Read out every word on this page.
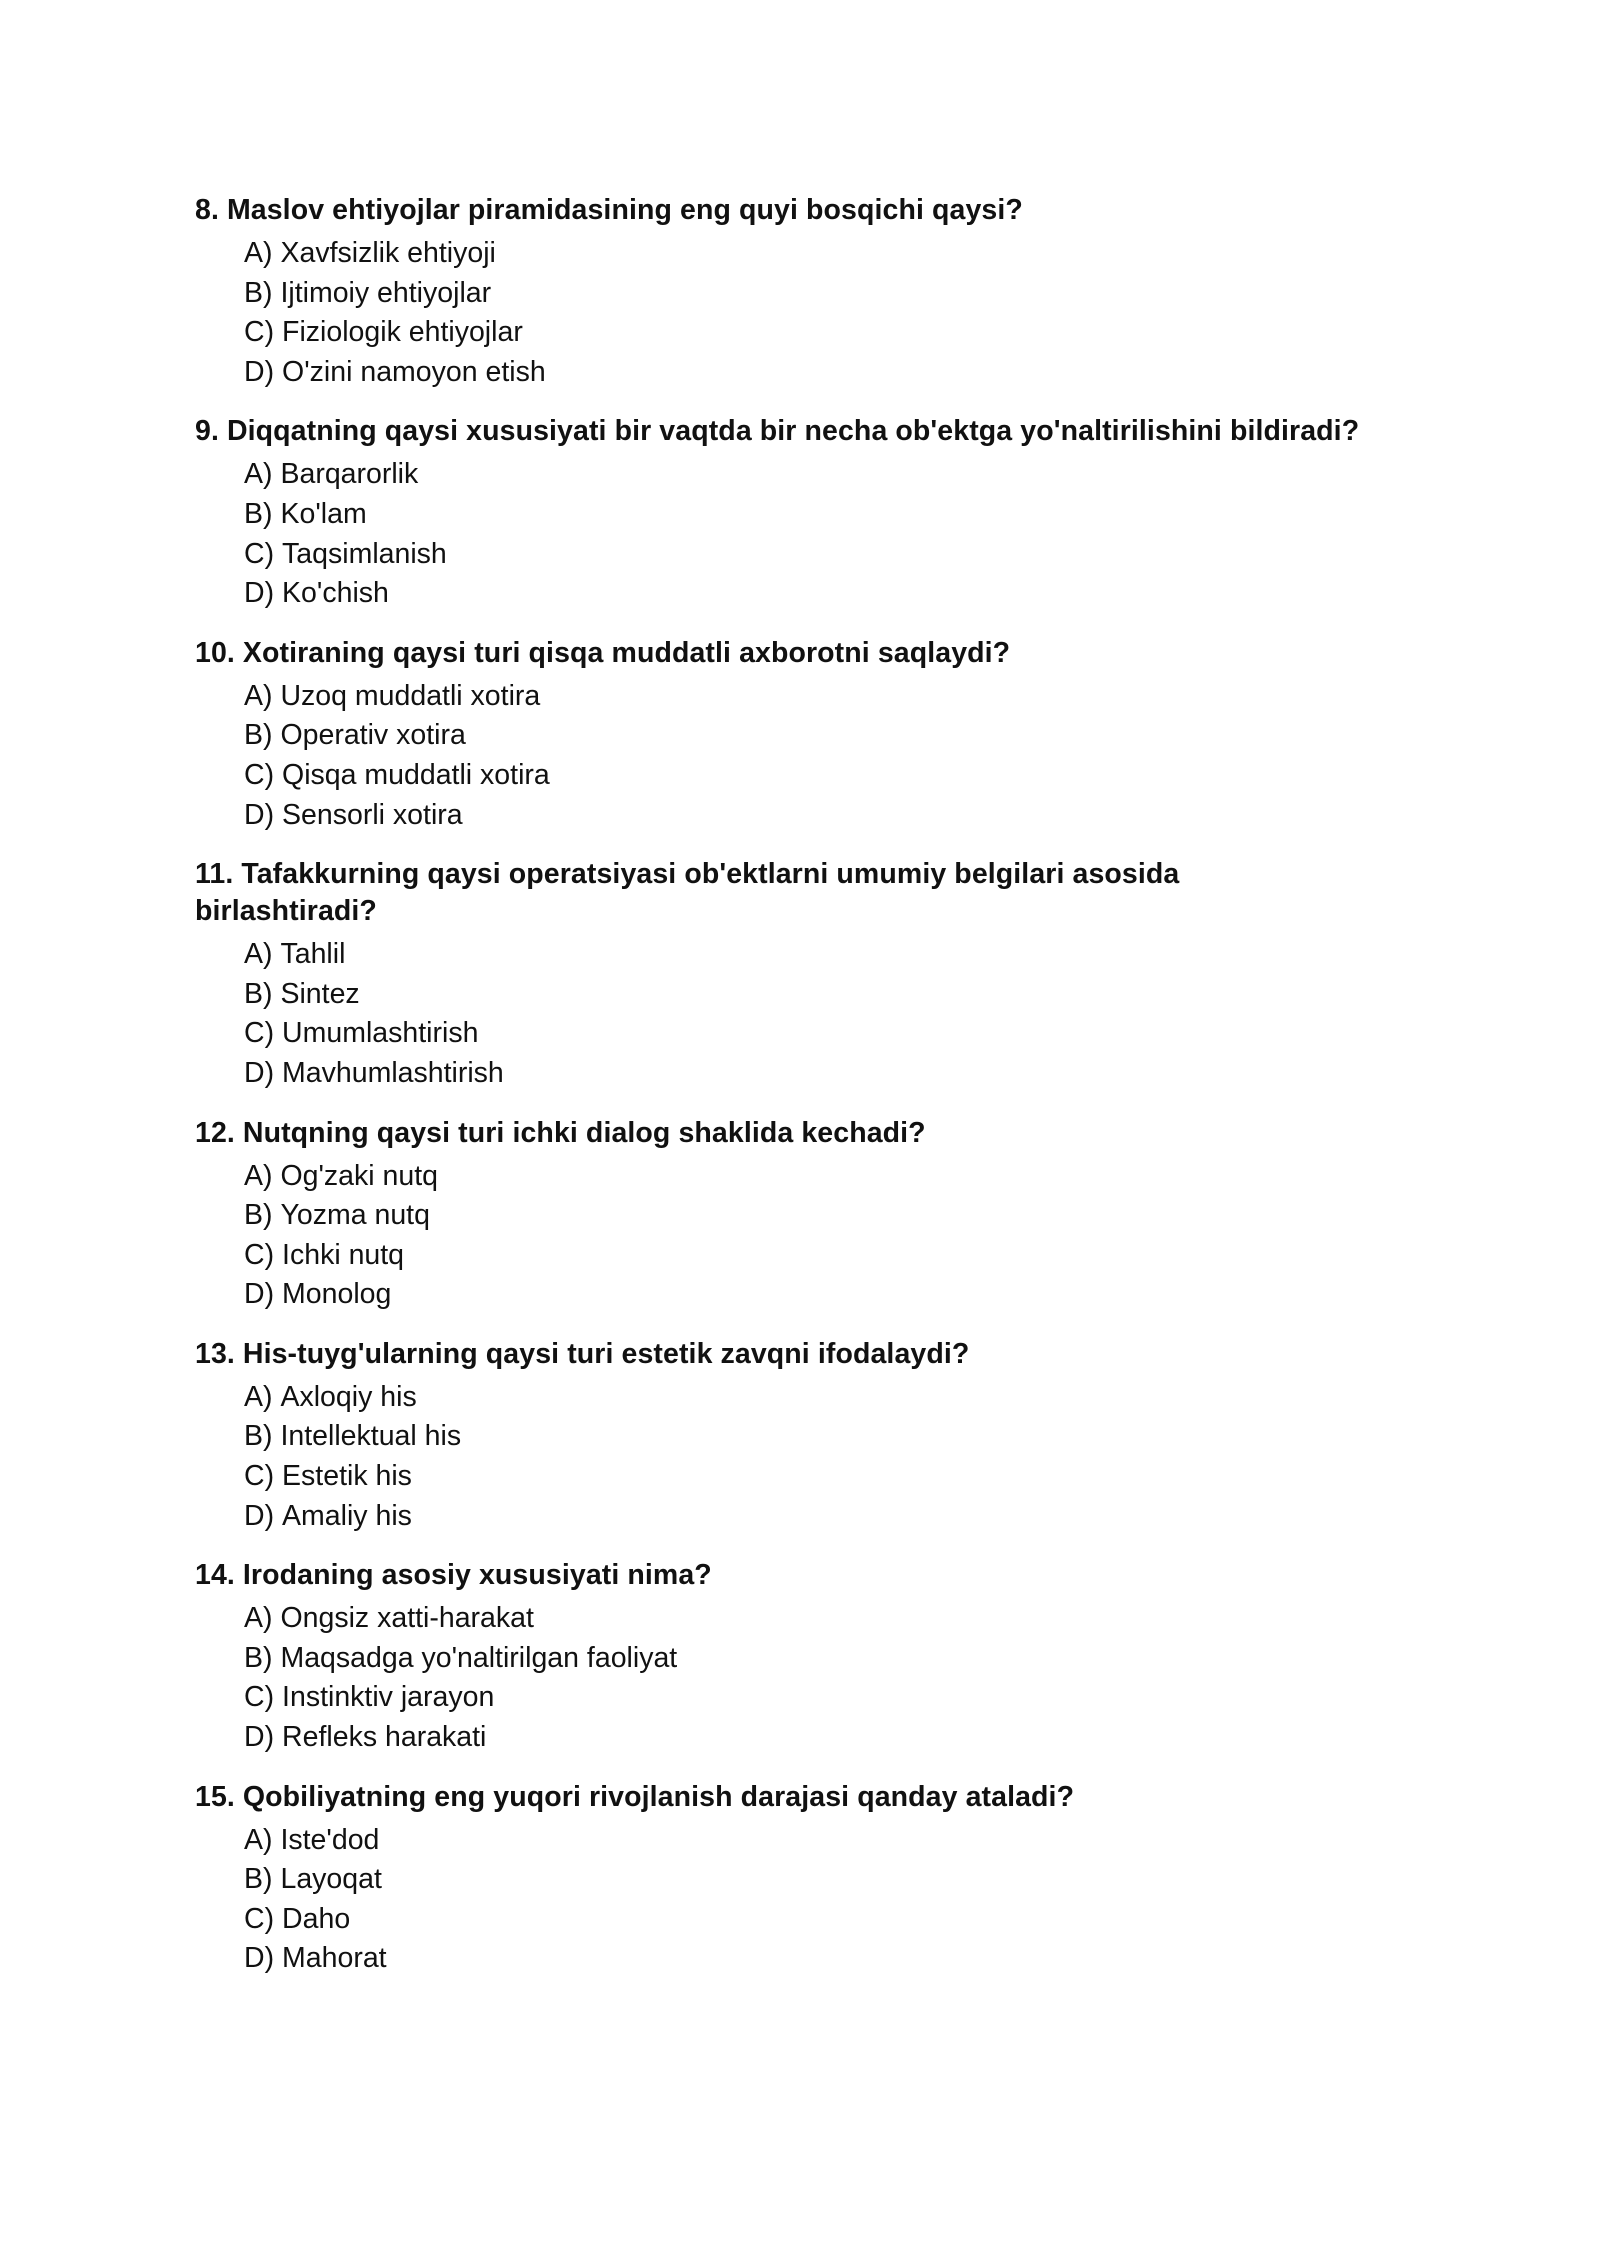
8. Maslov ehtiyojlar piramidasining eng quyi bosqichi qaysi?
A) Xavfsizlik ehtiyoji
B) Ijtimoiy ehtiyojlar
C) Fiziologik ehtiyojlar
D) O'zini namoyon etish
9. Diqqatning qaysi xususiyati bir vaqtda bir necha ob'ektga yo'naltirilishini bildiradi?
A) Barqarorlik
B) Ko'lam
C) Taqsimlanish
D) Ko'chish
10. Xotiraning qaysi turi qisqa muddatli axborotni saqlaydi?
A) Uzoq muddatli xotira
B) Operativ xotira
C) Qisqa muddatli xotira
D) Sensorli xotira
11. Tafakkurning qaysi operatsiyasi ob'ektlarni umumiy belgilari asosida birlashtiradi?
A) Tahlil
B) Sintez
C) Umumlashtirish
D) Mavhumlashtirish
12. Nutqning qaysi turi ichki dialog shaklida kechadi?
A) Og'zaki nutq
B) Yozma nutq
C) Ichki nutq
D) Monolog
13. His-tuyg'ularning qaysi turi estetik zavqni ifodalaydi?
A) Axloqiy his
B) Intellektual his
C) Estetik his
D) Amaliy his
14. Irodaning asosiy xususiyati nima?
A) Ongsiz xatti-harakat
B) Maqsadga yo'naltirilgan faoliyat
C) Instinktiv jarayon
D) Refleks harakati
15. Qobiliyatning eng yuqori rivojlanish darajasi qanday ataladi?
A) Iste'dod
B) Layoqat
C) Daho
D) Mahorat
